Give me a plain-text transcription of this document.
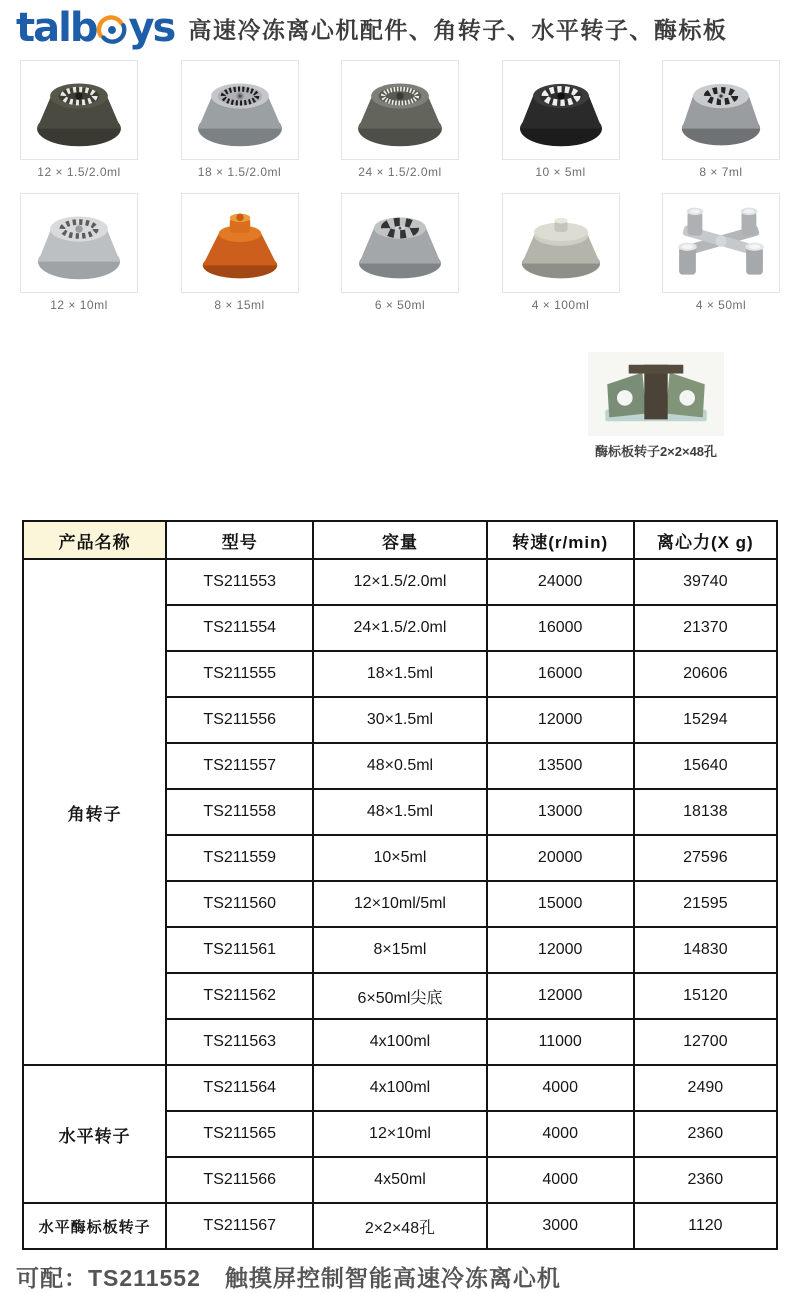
talb ys 高速冷冻离心机配件、角转子、水平转子、酶标板
12 × 1.5/2.0ml	18 × 1.5/2.0ml	24 × 1.5/2.0ml	10 × 5ml	8 × 7ml
12 × 10ml	8 × 15ml	6 × 50ml	4 × 100ml	4 × 50ml
酶标板转子2×2×48孔
产品名称	型号	容量	转速(r/min)	离心力(X g)
角转子	TS211553	12×1.5/2.0ml	24000	39740
	TS211554	24×1.5/2.0ml	16000	21370
	TS211555	18×1.5ml	16000	20606
	TS211556	30×1.5ml	12000	15294
	TS211557	48×0.5ml	13500	15640
	TS211558	48×1.5ml	13000	18138
	TS211559	10×5ml	20000	27596
	TS211560	12×10ml/5ml	15000	21595
	TS211561	8×15ml	12000	14830
	TS211562	6×50ml尖底	12000	15120
	TS211563	4x100ml	11000	12700
水平转子	TS211564	4x100ml	4000	2490
	TS211565	12×10ml	4000	2360
	TS211566	4x50ml	4000	2360
水平酶标板转子	TS211567	2×2×48孔	3000	1120
可配：TS211552　触摸屏控制智能高速冷冻离心机
